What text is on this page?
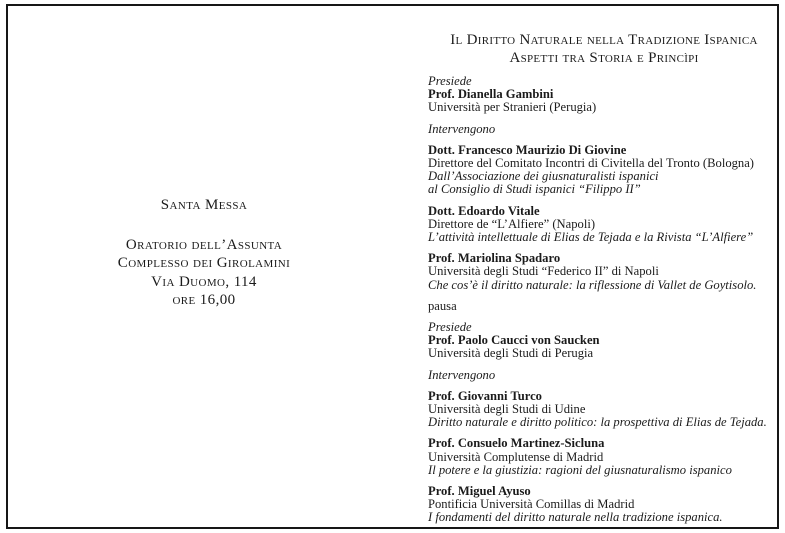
Santa Messa
Oratorio dell’Assunta
Complesso dei Girolamini
Via Duomo, 114
ore 16,00
Il Diritto Naturale nella Tradizione Ispanica
Aspetti tra Storia e Princìpi
Presiede
Prof. Dianella Gambini
Università per Stranieri (Perugia)
Intervengono
Dott. Francesco Maurizio Di Giovine
Direttore del Comitato Incontri di Civitella del Tronto (Bologna)
Dall’Associazione dei giusnaturalisti ispanici
al Consiglio di Studi ispanici “Filippo II”
Dott. Edoardo Vitale
Direttore de “L’Alfiere” (Napoli)
L’attività intellettuale di Elias de Tejada e la Rivista “L’Alfiere”
Prof. Mariolina Spadaro
Università degli Studi “Federico II” di Napoli
Che cos’è il diritto naturale: la riflessione di Vallet de Goytisolo.
pausa
Presiede
Prof. Paolo Caucci von Saucken
Università degli Studi di Perugia
Intervengono
Prof. Giovanni Turco
Università degli Studi di Udine
Diritto naturale e diritto politico: la prospettiva di Elias de Tejada.
Prof. Consuelo Martinez-Sicluna
Università Complutense di Madrid
Il potere e la giustizia: ragioni del giusnaturalismo ispanico
Prof. Miguel Ayuso
Pontificia Università Comillas di Madrid
I fondamenti del diritto naturale nella tradizione ispanica.
